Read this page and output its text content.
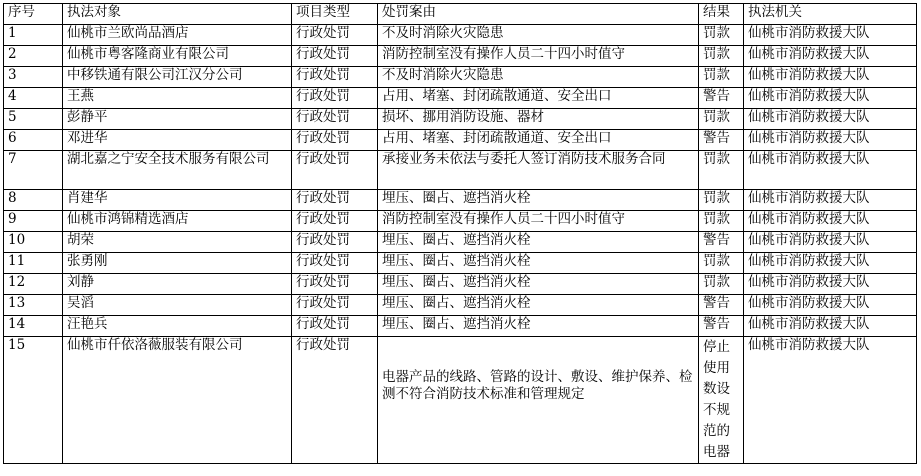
序号	执法对象	项目类型	处罚案由	结果	执法机关
1	仙桃市兰欧尚品酒店	行政处罚	不及时消除火灾隐患	罚款	仙桃市消防救援大队
2	仙桃市粤客隆商业有限公司	行政处罚	消防控制室没有操作人员二十四小时值守	罚款	仙桃市消防救援大队
3	中移铁通有限公司江汉分公司	行政处罚	不及时消除火灾隐患	罚款	仙桃市消防救援大队
4	王燕	行政处罚	占用、堵塞、封闭疏散通道、安全出口	警告	仙桃市消防救援大队
5	彭静平	行政处罚	损坏、挪用消防设施、器材	罚款	仙桃市消防救援大队
6	邓进华	行政处罚	占用、堵塞、封闭疏散通道、安全出口	警告	仙桃市消防救援大队
7	湖北嘉之宁安全技术服务有限公司	行政处罚	承接业务未依法与委托人签订消防技术服务合同	罚款	仙桃市消防救援大队
8	肖建华	行政处罚	埋压、圈占、遮挡消火栓	罚款	仙桃市消防救援大队
9	仙桃市鸿锦精选酒店	行政处罚	消防控制室没有操作人员二十四小时值守	罚款	仙桃市消防救援大队
10	胡荣	行政处罚	埋压、圈占、遮挡消火栓	警告	仙桃市消防救援大队
11	张勇刚	行政处罚	埋压、圈占、遮挡消火栓	罚款	仙桃市消防救援大队
12	刘静	行政处罚	埋压、圈占、遮挡消火栓	罚款	仙桃市消防救援大队
13	吴滔	行政处罚	埋压、圈占、遮挡消火栓	警告	仙桃市消防救援大队
14	汪艳兵	行政处罚	埋压、圈占、遮挡消火栓	警告	仙桃市消防救援大队
15	仙桃市仟依洛薇服装有限公司	行政处罚	电器产品的线路、管路的设计、敷设、维护保养、检测不符合消防技术标准和管理规定	停止使用数设不规范的电器	仙桃市消防救援大队
